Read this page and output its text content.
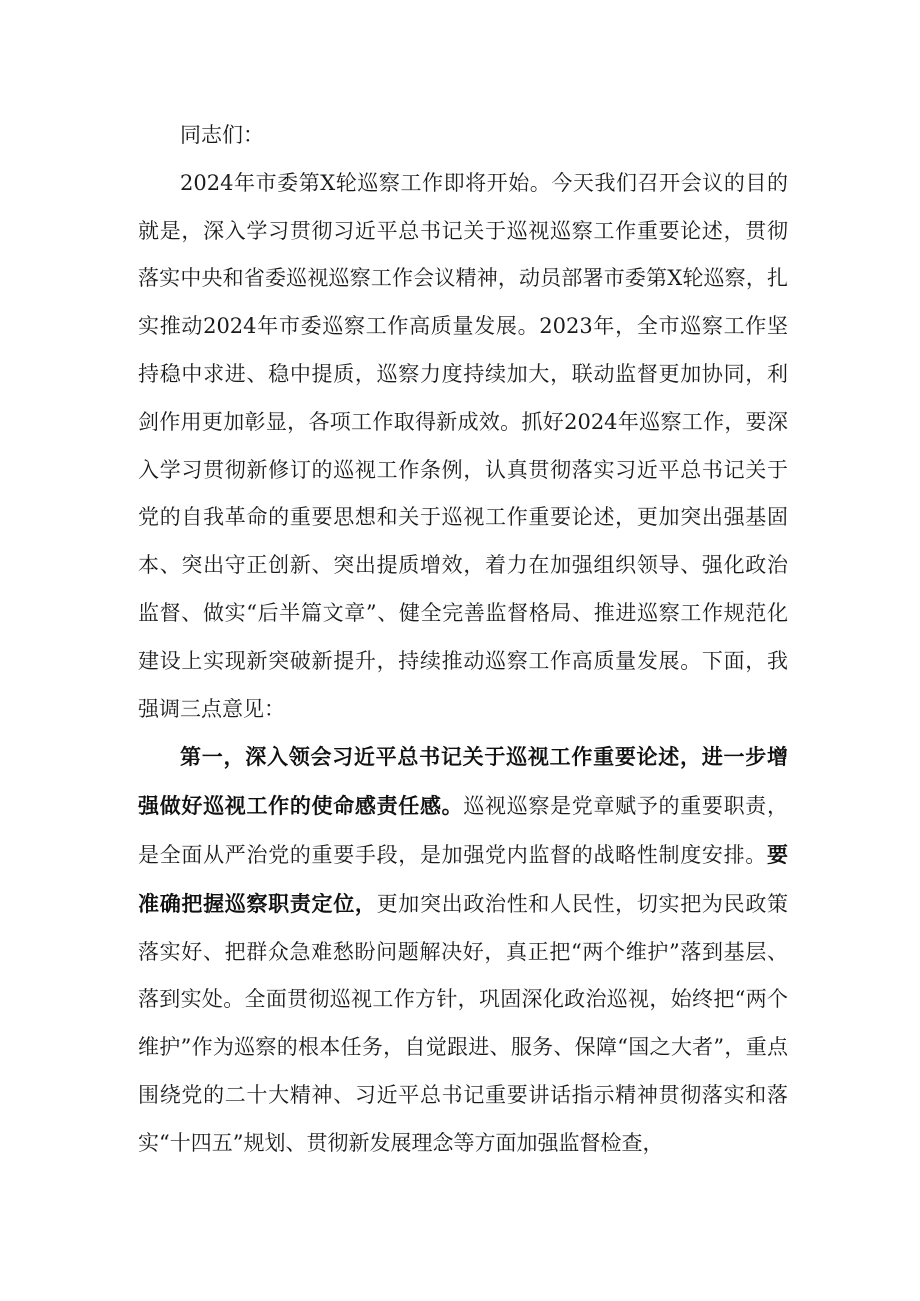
同志们：

2024年市委第X轮巡察工作即将开始。今天我们召开会议的目的就是，深入学习贯彻习近平总书记关于巡视巡察工作重要论述，贯彻落实中央和省委巡视巡察工作会议精神，动员部署市委第X轮巡察，扎实推动2024年市委巡察工作高质量发展。2023年，全市巡察工作坚持稳中求进、稳中提质，巡察力度持续加大，联动监督更加协同，利剑作用更加彰显，各项工作取得新成效。抓好2024年巡察工作，要深入学习贯彻新修订的巡视工作条例，认真贯彻落实习近平总书记关于党的自我革命的重要思想和关于巡视工作重要论述，更加突出强基固本、突出守正创新、突出提质增效，着力在加强组织领导、强化政治监督、做实“后半篇文章”、健全完善监督格局、推进巡察工作规范化建设上实现新突破新提升，持续推动巡察工作高质量发展。下面，我强调三点意见：

第一，深入领会习近平总书记关于巡视工作重要论述，进一步增强做好巡视工作的使命感责任感。巡视巡察是党章赋予的重要职责，是全面从严治党的重要手段，是加强党内监督的战略性制度安排。要准确把握巡察职责定位，更加突出政治性和人民性，切实把为民政策落实好、把群众急难愁盼问题解决好，真正把“两个维护”落到基层、落到实处。全面贯彻巡视工作方针，巩固深化政治巡视，始终把“两个维护”作为巡察的根本任务，自觉跟进、服务、保障“国之大者”，重点围绕党的二十大精神、习近平总书记重要讲话指示精神贯彻落实和落实“十四五”规划、贯彻新发展理念等方面加强监督检查，
